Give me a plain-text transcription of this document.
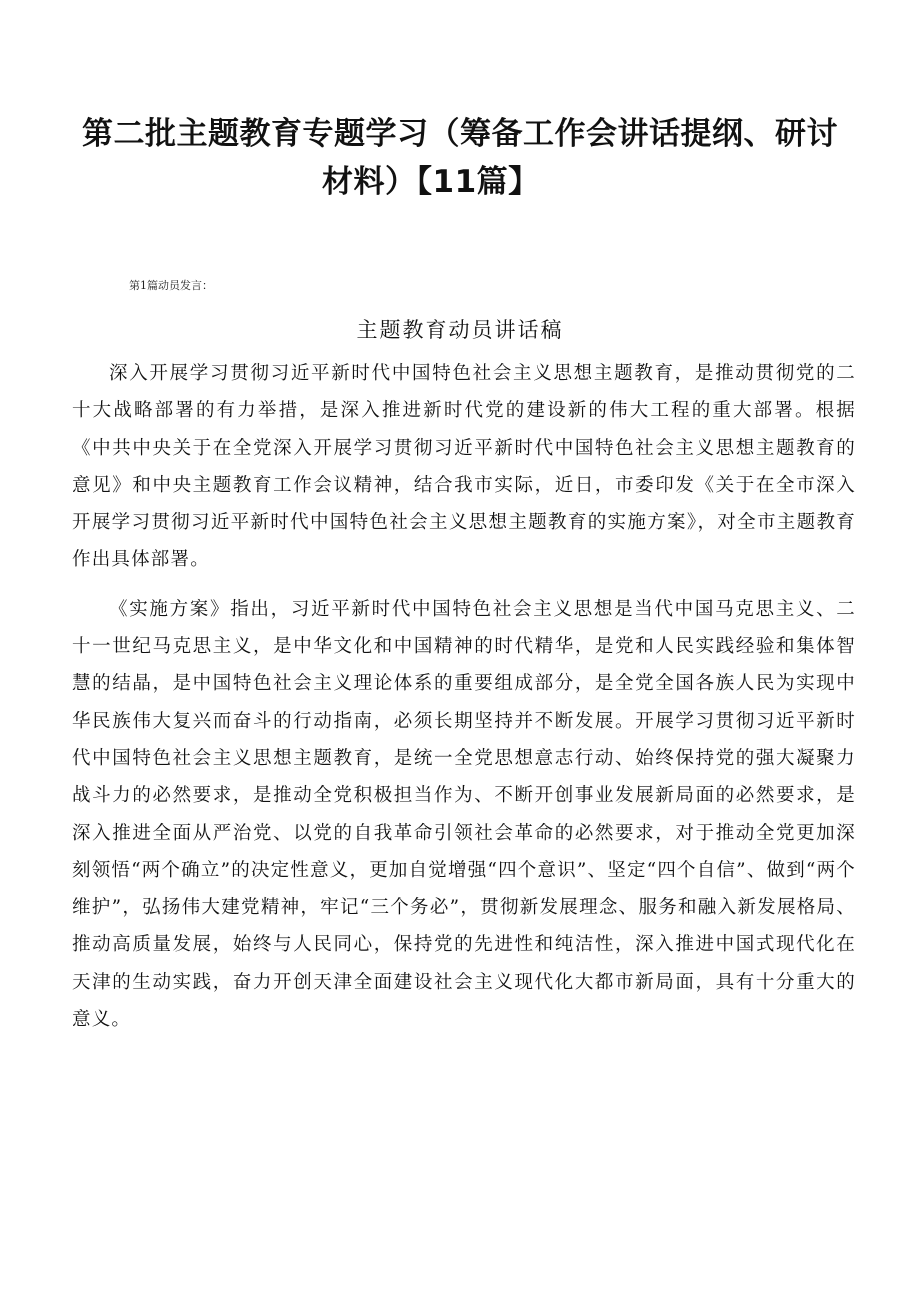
第二批主题教育专题学习（筹备工作会讲话提纲、研讨
材料）【11篇】
第1篇动员发言：
主题教育动员讲话稿

深入开展学习贯彻习近平新时代中国特色社会主义思想主题教育，是推动贯彻党的二十大战略部署的有力举措，是深入推进新时代党的建设新的伟大工程的重大部署。根据《中共中央关于在全党深入开展学习贯彻习近平新时代中国特色社会主义思想主题教育的意见》和中央主题教育工作会议精神，结合我市实际，近日，市委印发《关于在全市深入开展学习贯彻习近平新时代中国特色社会主义思想主题教育的实施方案》，对全市主题教育作出具体部署。

《实施方案》指出，习近平新时代中国特色社会主义思想是当代中国马克思主义、二十一世纪马克思主义，是中华文化和中国精神的时代精华，是党和人民实践经验和集体智慧的结晶，是中国特色社会主义理论体系的重要组成部分，是全党全国各族人民为实现中华民族伟大复兴而奋斗的行动指南，必须长期坚持并不断发展。开展学习贯彻习近平新时代中国特色社会主义思想主题教育，是统一全党思想意志行动、始终保持党的强大凝聚力战斗力的必然要求，是推动全党积极担当作为、不断开创事业发展新局面的必然要求，是深入推进全面从严治党、以党的自我革命引领社会革命的必然要求，对于推动全党更加深刻领悟“两个确立”的决定性意义，更加自觉增强“四个意识”、坚定“四个自信”、做到“两个维护”，弘扬伟大建党精神，牢记“三个务必”，贯彻新发展理念、服务和融入新发展格局、推动高质量发展，始终与人民同心，保持党的先进性和纯洁性，深入推进中国式现代化在天津的生动实践，奋力开创天津全面建设社会主义现代化大都市新局面，具有十分重大的意义。
